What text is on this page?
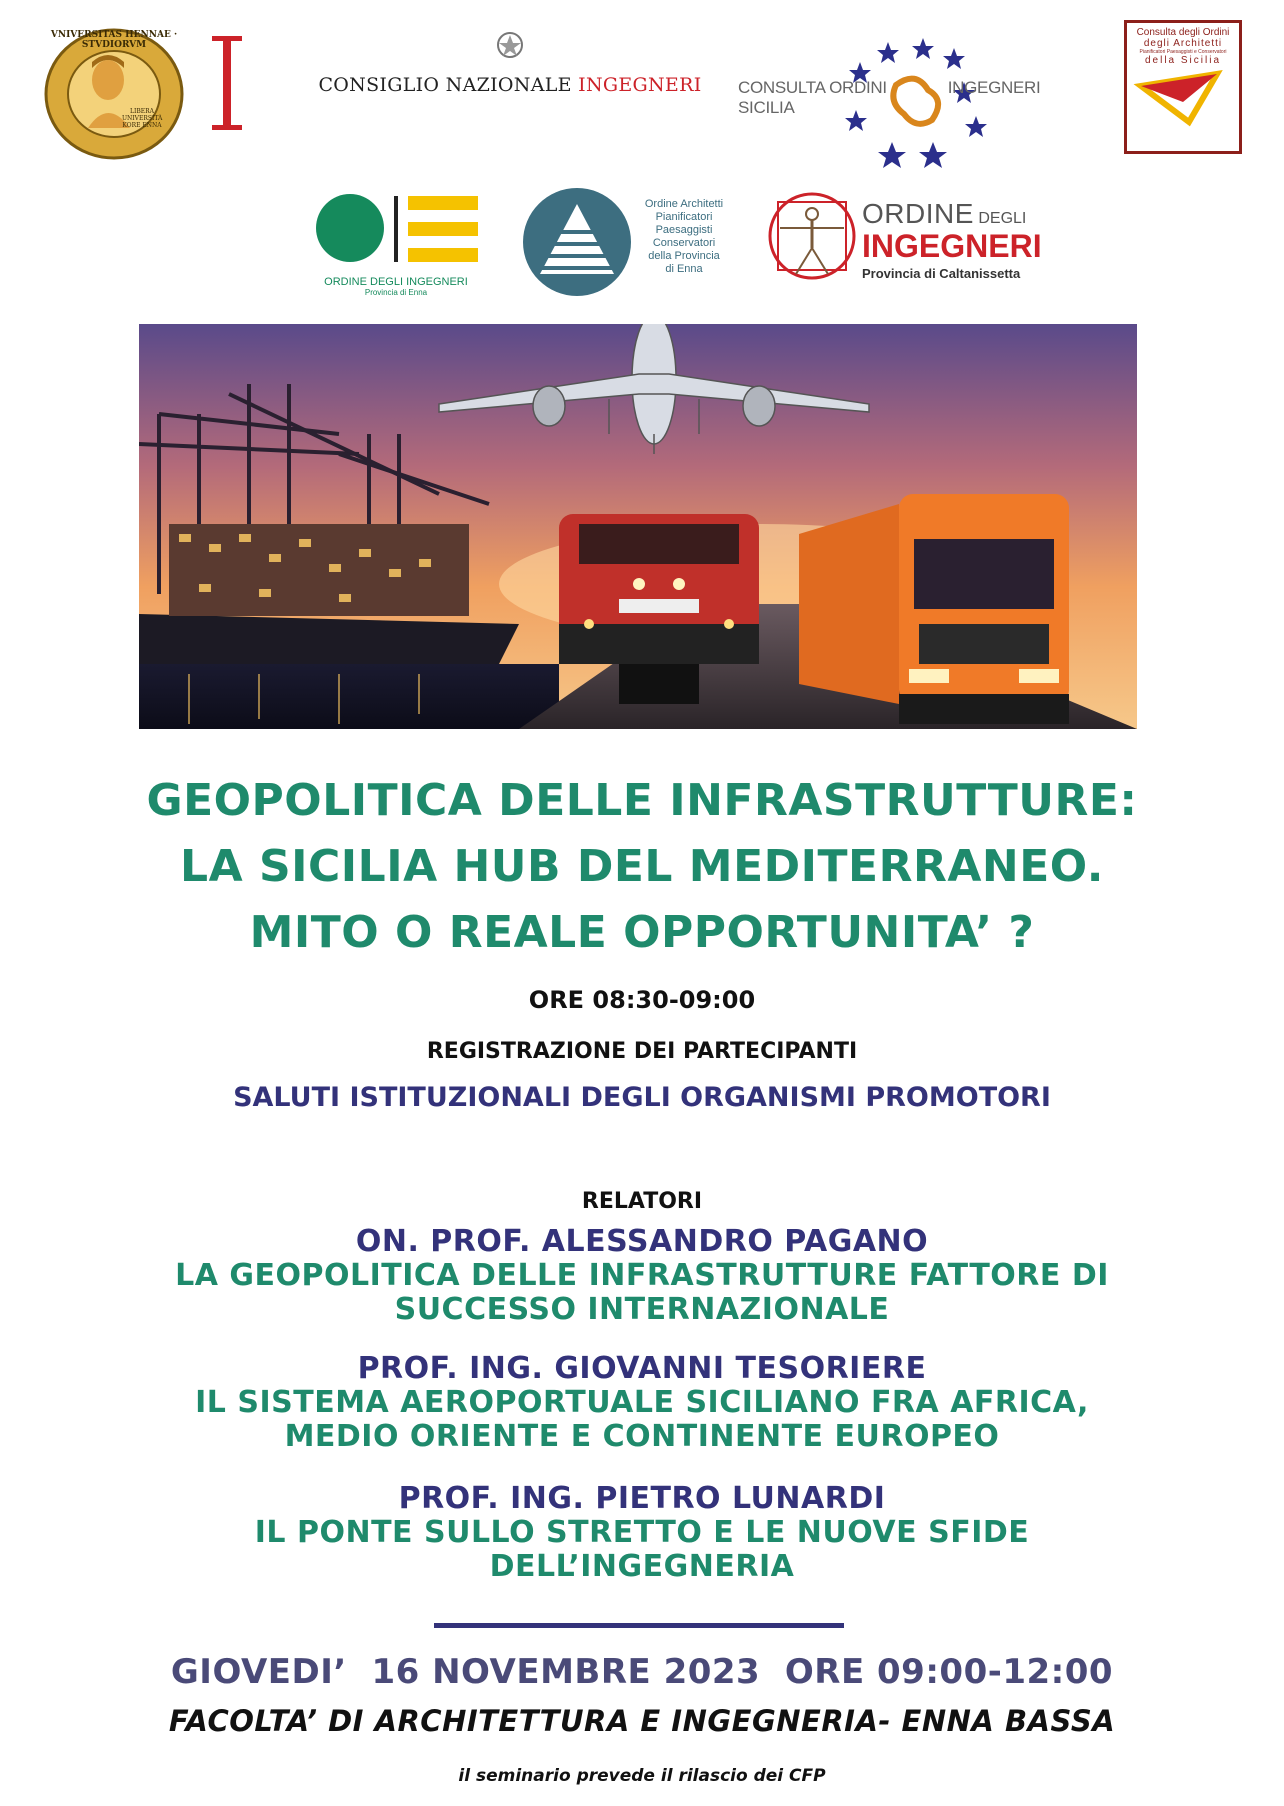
VNIVERSITAS HENNAE · STVDIORVM
LIBERA UNIVERSITÀ KORE ENNA
CONSIGLIO NAZIONALE INGEGNERI	CONSULTA ORDINI	INGEGNERI SICILIA
Consulta degli Ordini
degli Architetti
Pianificatori Paesaggisti e Conservatori
della Sicilia
ORDINE DEGLI INGEGNERI
Provincia di Enna
Ordine Architetti
Pianificatori
Paesaggisti
Conservatori
della Provincia
di Enna
ORDINE DEGLI
INGEGNERI
Provincia di Caltanissetta
GEOPOLITICA DELLE INFRASTRUTTURE:
LA SICILIA HUB DEL MEDITERRANEO.
MITO O REALE OPPORTUNITA’ ?
ORE 08:30-09:00
REGISTRAZIONE DEI PARTECIPANTI
SALUTI ISTITUZIONALI DEGLI ORGANISMI PROMOTORI
RELATORI
ON. PROF. ALESSANDRO PAGANO
LA GEOPOLITICA DELLE INFRASTRUTTURE FATTORE DI
SUCCESSO INTERNAZIONALE
PROF. ING. GIOVANNI TESORIERE
IL SISTEMA AEROPORTUALE SICILIANO FRA AFRICA,
MEDIO ORIENTE E CONTINENTE EUROPEO
PROF. ING. PIETRO LUNARDI
IL PONTE SULLO STRETTO E LE NUOVE SFIDE
DELL’INGEGNERIA
GIOVEDI’  16 NOVEMBRE 2023  ORE 09:00-12:00
FACOLTA’ DI ARCHITETTURA E INGEGNERIA- ENNA BASSA
il seminario prevede il rilascio dei CFP
